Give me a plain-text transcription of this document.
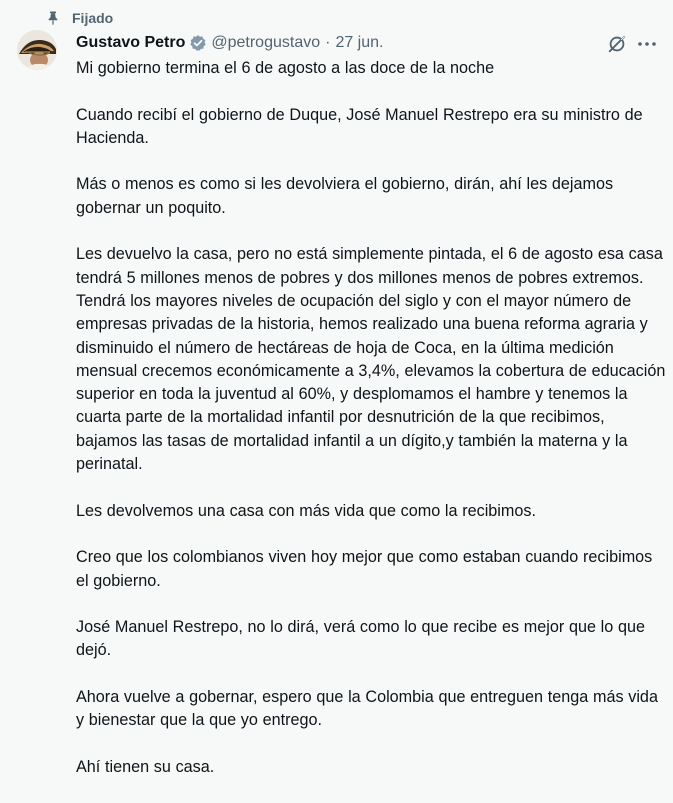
Fijado
Gustavo Petro @petrogustavo · 27 jun.

Mi gobierno termina el 6 de agosto a las doce de la noche

Cuando recibí el gobierno de Duque, José Manuel Restrepo era su ministro de Hacienda.

Más o menos es como si les devolviera el gobierno, dirán, ahí les dejamos gobernar un poquito.

Les devuelvo la casa, pero no está simplemente pintada, el 6 de agosto esa casa tendrá 5 millones menos de pobres y dos millones menos de pobres extremos. Tendrá los mayores niveles de ocupación del siglo y con el mayor número de empresas privadas de la historia, hemos realizado una buena reforma agraria y disminuido el número de hectáreas de hoja de Coca, en la última medición mensual crecemos económicamente a 3,4%, elevamos la cobertura de educación superior en toda la juventud al 60%, y desplomamos el hambre y tenemos la cuarta parte de la mortalidad infantil por desnutrición de la que recibimos, bajamos las tasas de mortalidad infantil a un dígito,y también la materna y la perinatal.

Les devolvemos una casa con más vida que como la recibimos.

Creo que los colombianos viven hoy mejor que como estaban cuando recibimos el gobierno.

José Manuel Restrepo, no lo dirá, verá como lo que recibe es mejor que lo que dejó.

Ahora vuelve a gobernar, espero que la Colombia que entreguen tenga más vida y bienestar que la que yo entrego.

Ahí tienen su casa.
